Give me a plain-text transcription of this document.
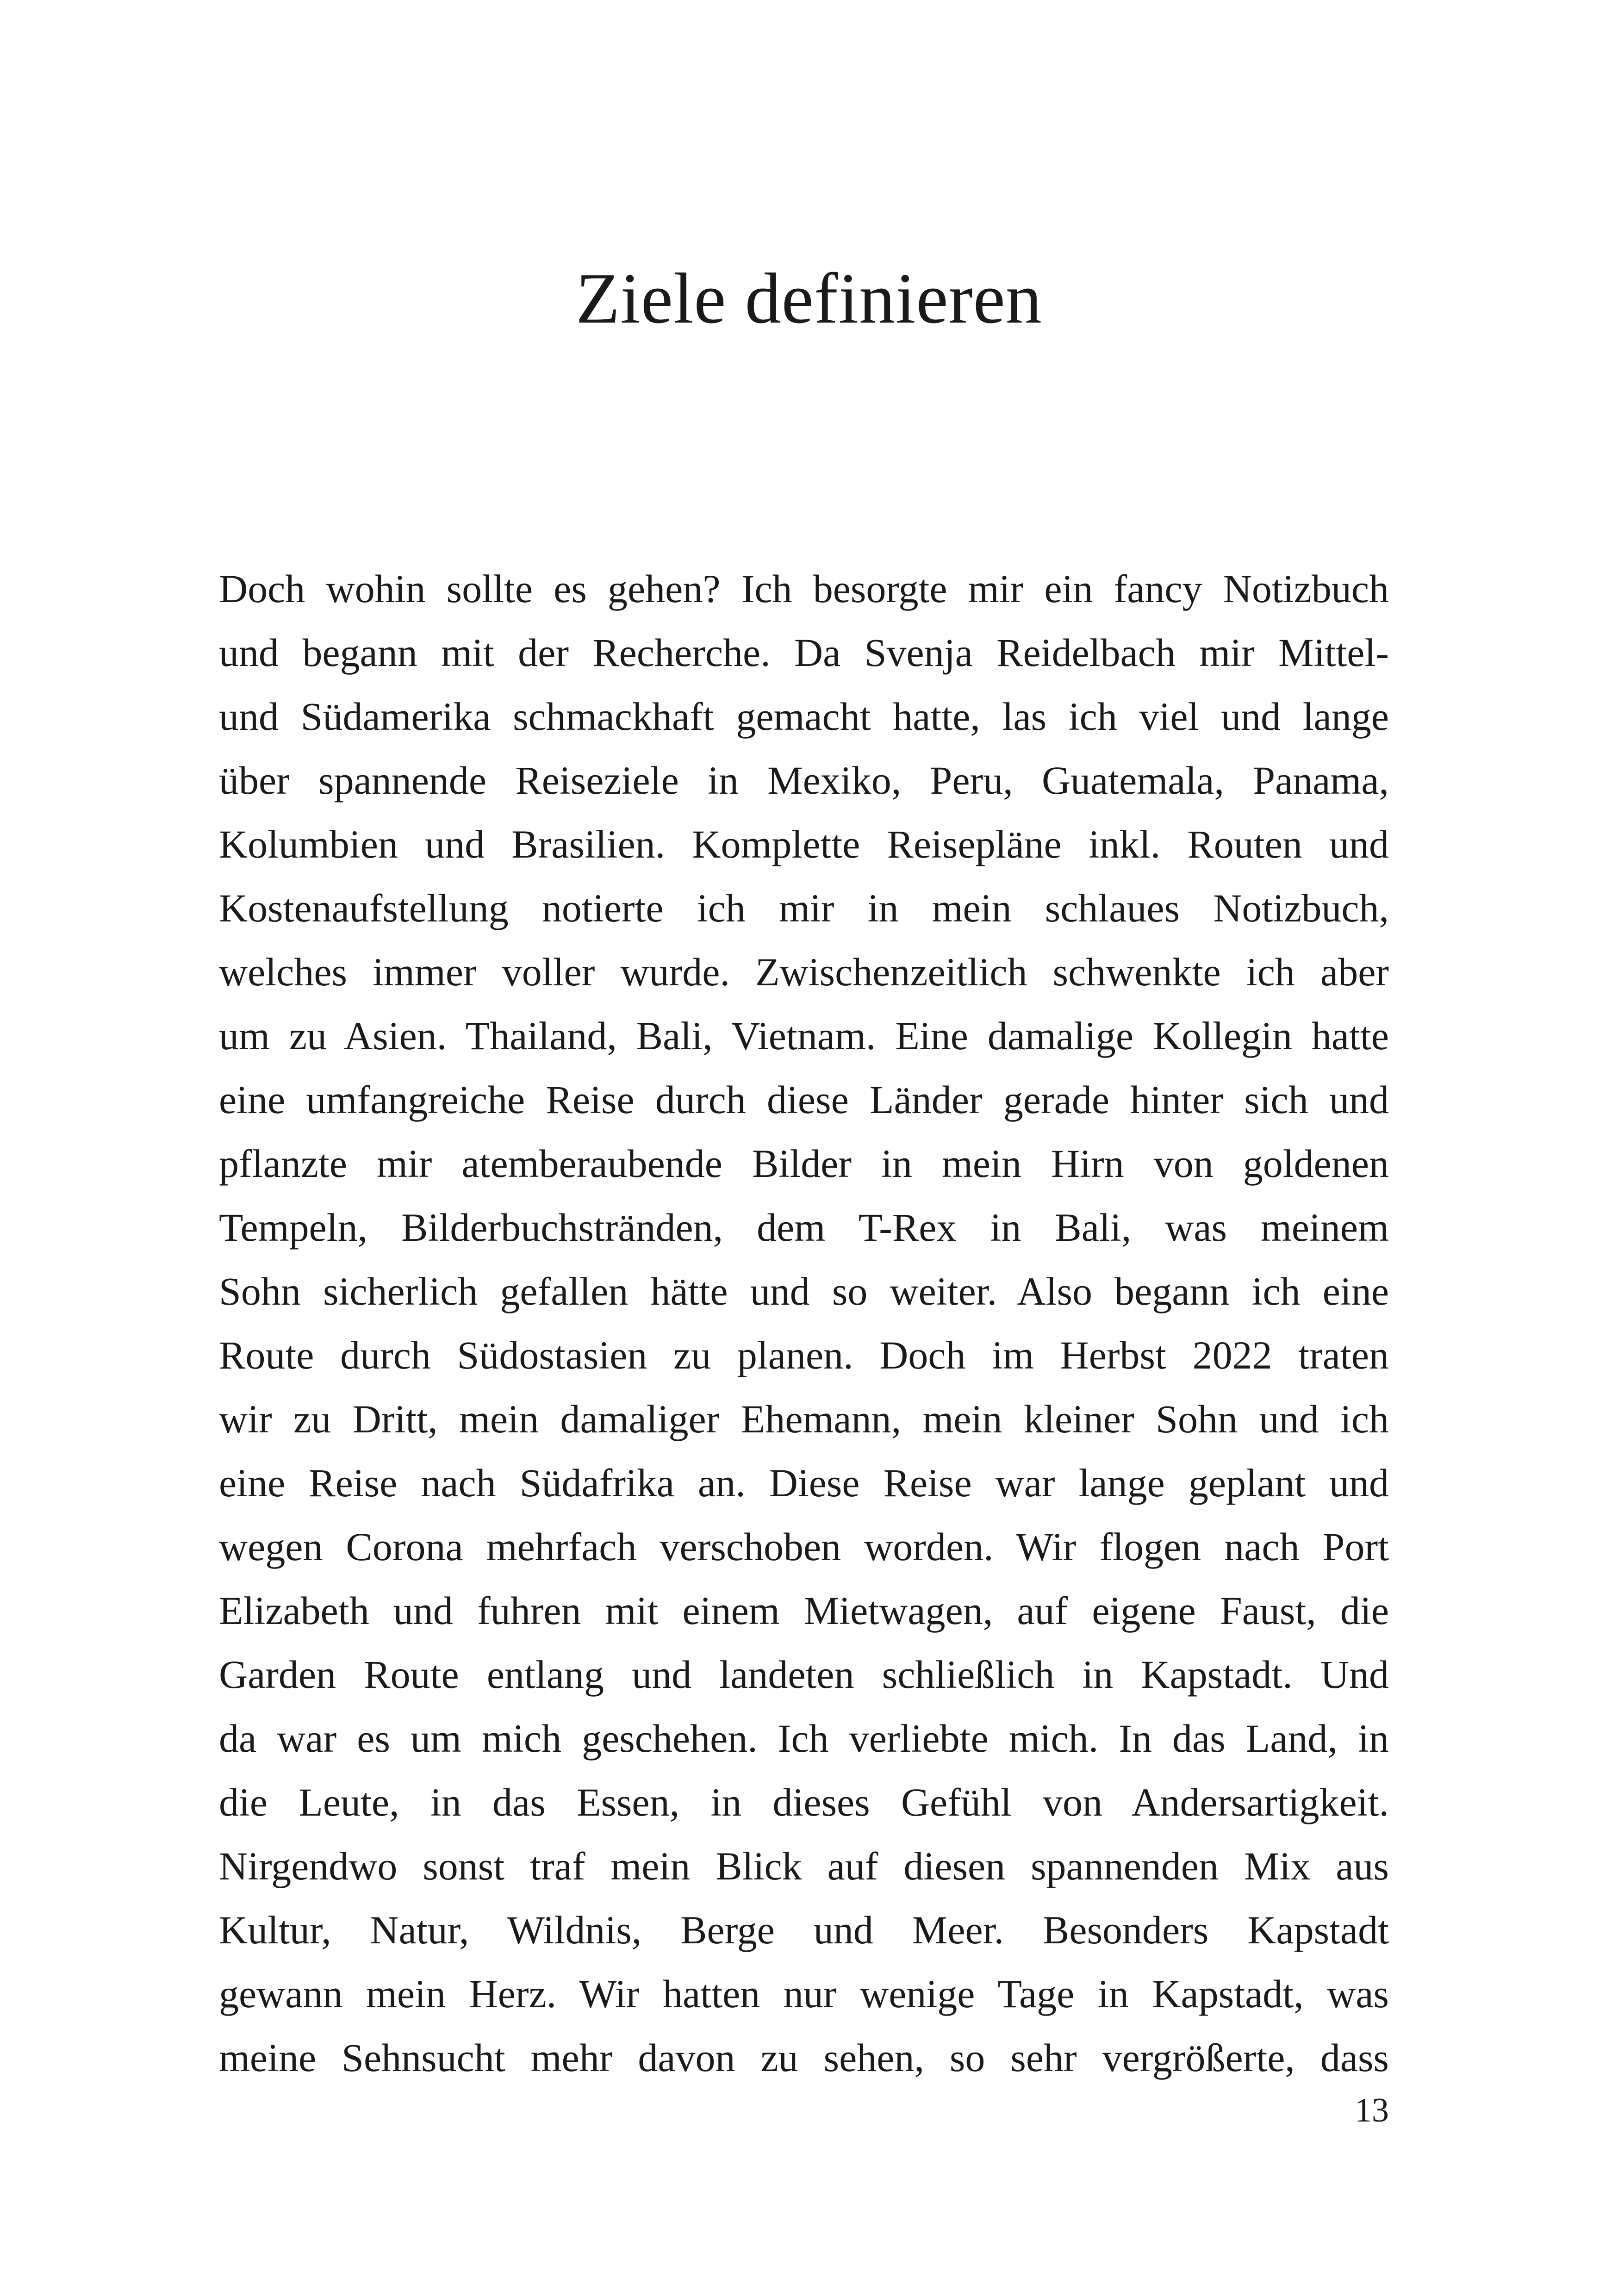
Ziele definieren
Doch wohin sollte es gehen? Ich besorgte mir ein fancy Notizbuch
und begann mit der Recherche. Da Svenja Reidelbach mir Mittel-
und Südamerika schmackhaft gemacht hatte, las ich viel und lange
über spannende Reiseziele in Mexiko, Peru, Guatemala, Panama,
Kolumbien und Brasilien. Komplette Reisepläne inkl. Routen und
Kostenaufstellung notierte ich mir in mein schlaues Notizbuch,
welches immer voller wurde. Zwischenzeitlich schwenkte ich aber
um zu Asien. Thailand, Bali, Vietnam. Eine damalige Kollegin hatte
eine umfangreiche Reise durch diese Länder gerade hinter sich und
pflanzte mir atemberaubende Bilder in mein Hirn von goldenen
Tempeln, Bilderbuchstränden, dem T-Rex in Bali, was meinem
Sohn sicherlich gefallen hätte und so weiter. Also begann ich eine
Route durch Südostasien zu planen. Doch im Herbst 2022 traten
wir zu Dritt, mein damaliger Ehemann, mein kleiner Sohn und ich
eine Reise nach Südafrika an. Diese Reise war lange geplant und
wegen Corona mehrfach verschoben worden. Wir flogen nach Port
Elizabeth und fuhren mit einem Mietwagen, auf eigene Faust, die
Garden Route entlang und landeten schließlich in Kapstadt. Und
da war es um mich geschehen. Ich verliebte mich. In das Land, in
die Leute, in das Essen, in dieses Gefühl von Andersartigkeit.
Nirgendwo sonst traf mein Blick auf diesen spannenden Mix aus
Kultur, Natur, Wildnis, Berge und Meer. Besonders Kapstadt
gewann mein Herz. Wir hatten nur wenige Tage in Kapstadt, was
meine Sehnsucht mehr davon zu sehen, so sehr vergrößerte, dass
13
